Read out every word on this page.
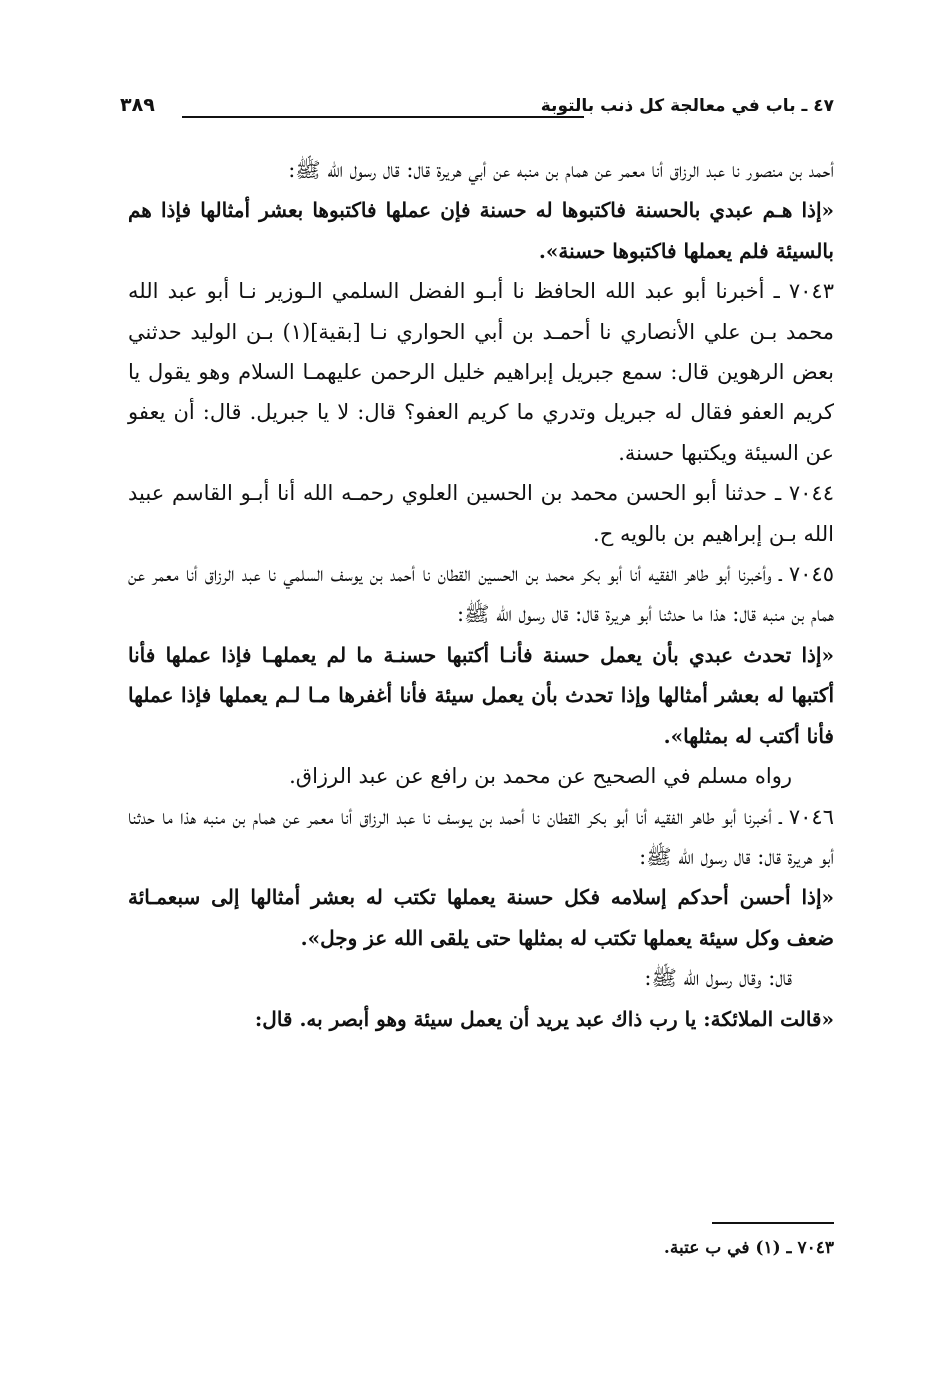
٤٧ ـ باب في معالجة كل ذنب بالتوبة
٣٨٩

أحمد بن منصور نا عبد الرزاق أنا معمر عن همام بن منبه عن أبي هريرة قال: قال رسول الله ﷺ:

«إذا هـم عبدي بالحسنة فاكتبوها له حسنة فإن عملها فاكتبوها بعشر أمثالها فإذا هم بالسيئة فلم يعملها فاكتبوها حسنة».

٧٠٤٣ ـ أخبرنا أبو عبد الله الحافظ نا أبـو الفضل السلمي الـوزير نـا أبو عبد الله محمد بـن علي الأنصاري نا أحمـد بن أبي الحواري نـا [بقية](١) بـن الوليد حدثني بعض الرهوين قال: سمع جبريل إبراهيم خليل الرحمن عليهمـا السلام وهو يقول يا كريم العفو فقال له جبريل وتدري ما كريم العفو؟ قال: لا يا جبريل. قال: أن يعفو عن السيئة ويكتبها حسنة.

٧٠٤٤ ـ حدثنا أبو الحسن محمد بن الحسين العلوي رحمـه الله أنا أبـو القاسم عبيد الله بـن إبراهيم بن بالويه ح.

٧٠٤٥ ـ وأخبرنا أبو طاهر الفقيه أنا أبو بكر محمد بن الحسين القطان نا أحمد بن يوسف السلمي نا عبد الرزاق أنا معمر عن همام بن منبه قال: هذا ما حدثنا أبو هريرة قال: قال رسول الله ﷺ:

«إذا تحدث عبدي بأن يعمل حسنة فأنـا أكتبها حسنـة ما لم يعملهـا فإذا عملها فأنا أكتبها له بعشر أمثالها وإذا تحدث بأن يعمل سيئة فأنا أغفرها مـا لـم يعملها فإذا عملها فأنا أكتب له بمثلها».

رواه مسلم في الصحيح عن محمد بن رافع عن عبد الرزاق.

٧٠٤٦ ـ أخبرنا أبو طاهر الفقيه أنا أبو بكر القطان نا أحمد بن يـوسف نا عبد الرزاق أنا معمر عن همام بن منبه هذا ما حدثنا أبو هريرة قال: قال رسول الله ﷺ:

«إذا أحسن أحدكم إسلامه فكل حسنة يعملها تكتب له بعشر أمثالها إلى سبعمـائة ضعف وكل سيئة يعملها تكتب له بمثلها حتى يلقى الله عز وجل».

قال: وقال رسول الله ﷺ:

«قالت الملائكة: يا رب ذاك عبد يريد أن يعمل سيئة وهو أبصر به. قال:

٧٠٤٣ ـ (١) في ب عتبة.
